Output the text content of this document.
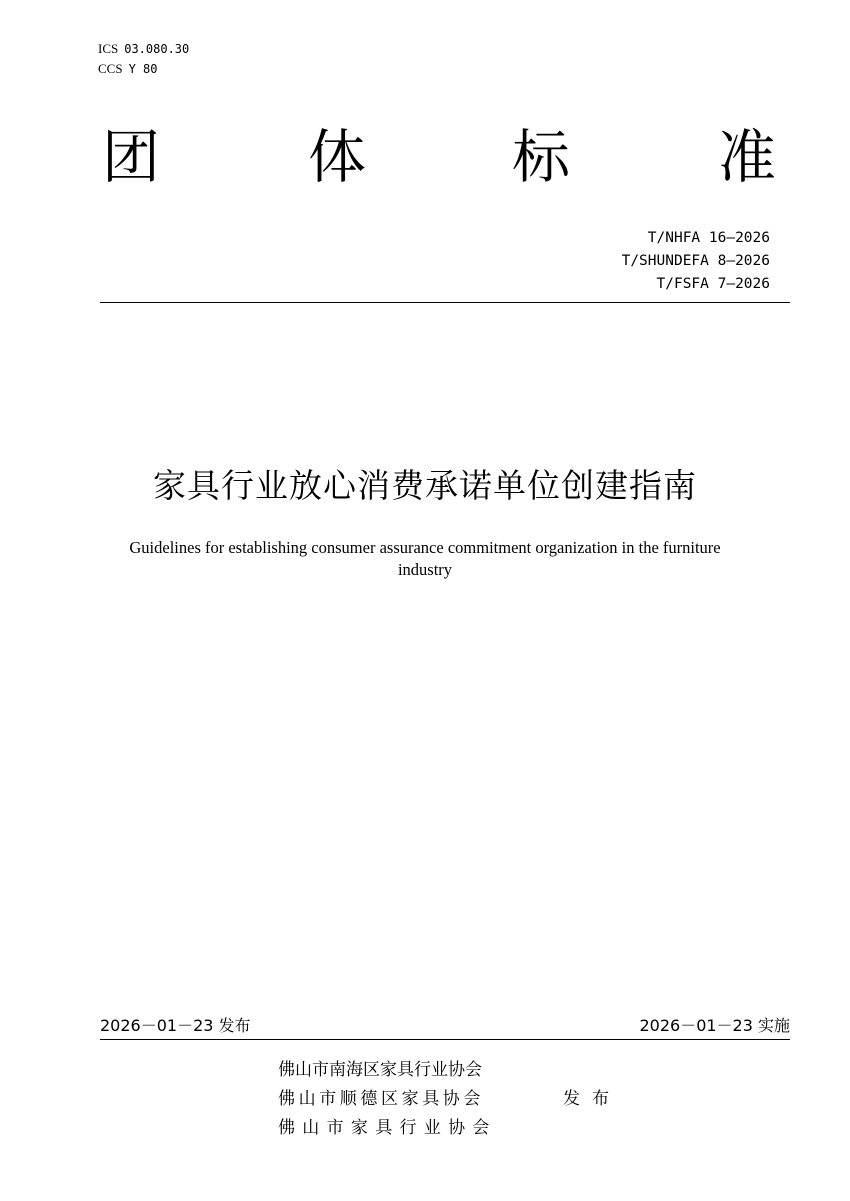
ICS 03.080.30
CCS Y 80
团	体	标	准
T/NHFA 16—2026
T/SHUNDEFA 8—2026
T/FSFA 7—2026
家具行业放心消费承诺单位创建指南
Guidelines for establishing consumer assurance commitment organization in the furniture industry
2026－01－23 发布	2026－01－23 实施
佛山市南海区家具行业协会
佛山市顺德区家具协会
佛山市家具行业协会
发布
